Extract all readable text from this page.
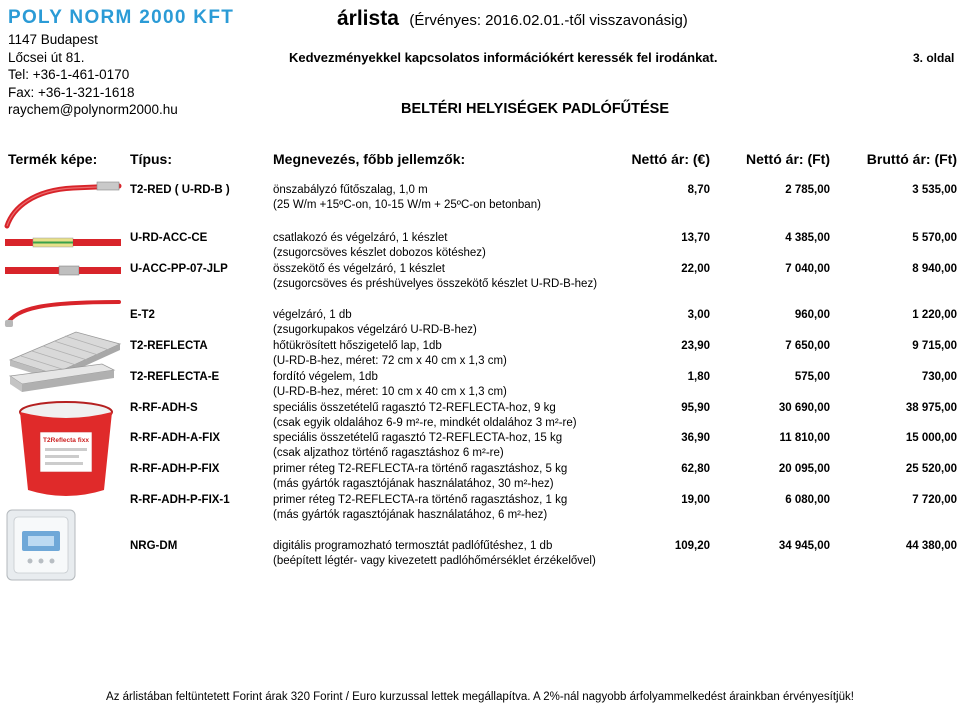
POLY NORM 2000 KFT
1147 Budapest
Lőcsei út 81.
Tel: +36-1-461-0170
Fax: +36-1-321-1618
raychem@polynorm2000.hu
árlista (Érvényes: 2016.02.01.-től visszavonásig)
Kedvezményekkel kapcsolatos információkért keressék fel irodánkat.	3. oldal
BELTÉRI HELYISÉGEK PADLÓFŰTÉSE
Termék képe: Típus:	Megnevezés, főbb jellemzők:	Nettó ár: (€)	Nettó ár: (Ft)	Bruttó ár: (Ft)
T2Reflecta fixx
T2-RED ( U-RD-B )	önszabályzó fűtőszalag, 1,0 m
(25 W/m +15ºC-on, 10-15 W/m + 25ºC-on betonban)
8,70	2 785,00	3 535,00
U-RD-ACC-CE	csatlakozó és végelzáró, 1 készlet
(zsugorcsöves készlet dobozos kötéshez)
13,70	4 385,00	5 570,00
U-ACC-PP-07-JLP	összekötő és végelzáró, 1 készlet
(zsugorcsöves és préshüvelyes összekötő készlet U-RD-B-hez)
22,00	7 040,00	8 940,00
E-T2	végelzáró, 1 db
(zsugorkupakos végelzáró U-RD-B-hez)
3,00	960,00	1 220,00
T2-REFLECTA	hőtükrösített hőszigetelő lap, 1db
(U-RD-B-hez, méret: 72 cm x 40 cm x 1,3 cm)
23,90	7 650,00	9 715,00
T2-REFLECTA-E	fordító végelem, 1db
(U-RD-B-hez, méret: 10 cm x 40 cm x 1,3 cm)
1,80	575,00	730,00
R-RF-ADH-S	speciális összetételű ragasztó T2-REFLECTA-hoz, 9 kg
(csak egyik oldalához 6-9 m²-re, mindkét oldalához 3 m²-re)
95,90	30 690,00	38 975,00
R-RF-ADH-A-FIX	speciális összetételű ragasztó T2-REFLECTA-hoz, 15 kg
(csak aljzathoz történő ragasztáshoz 6 m²-re)
36,90	11 810,00	15 000,00
R-RF-ADH-P-FIX	primer réteg T2-REFLECTA-ra történő ragasztáshoz, 5 kg
(más gyártók ragasztójának használatához, 30 m²-hez)
62,80	20 095,00	25 520,00
R-RF-ADH-P-FIX-1	primer réteg T2-REFLECTA-ra történő ragasztáshoz, 1 kg
(más gyártók ragasztójának használatához, 6 m²-hez)
19,00	6 080,00	7 720,00
NRG-DM	digitális programozható termosztát padlófűtéshez, 1 db
(beépített légtér- vagy kivezetett padlóhőmérséklet érzékelővel)
109,20	34 945,00	44 380,00
Az árlistában feltüntetett Forint árak 320 Forint / Euro kurzussal lettek megállapítva. A 2%-nál nagyobb árfolyammelkedést árainkban érvényesítjük!
